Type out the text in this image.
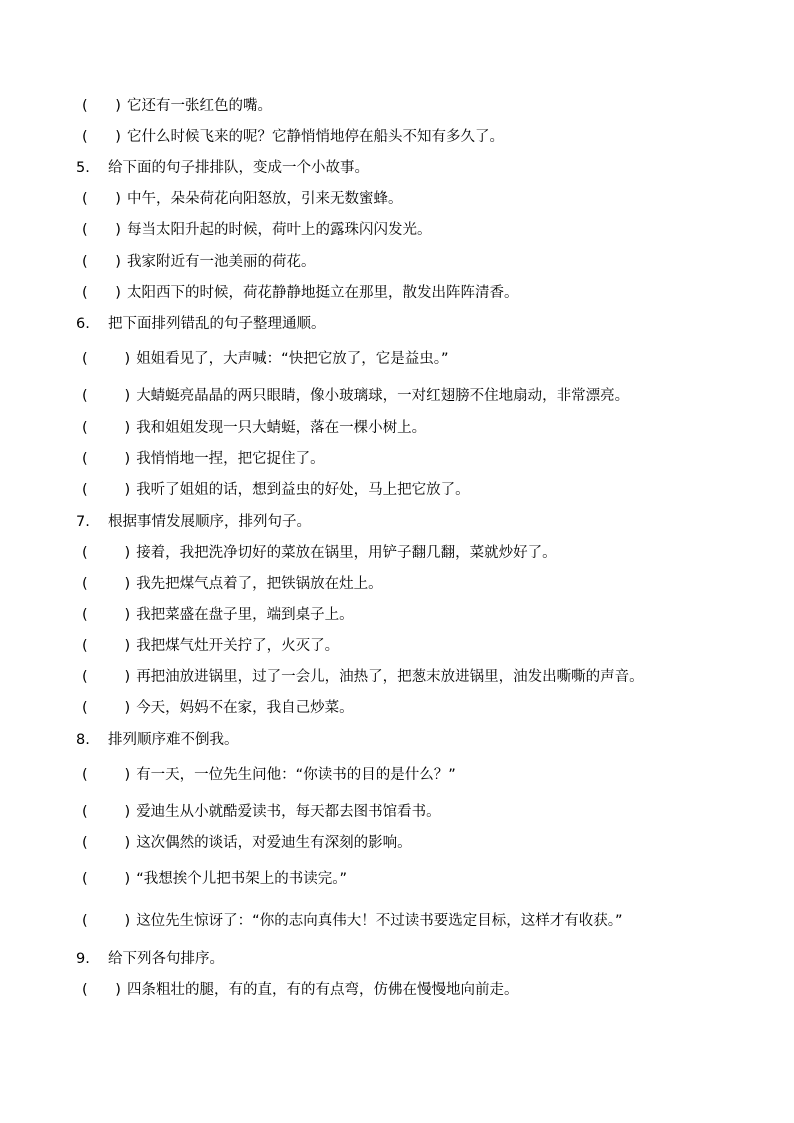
(      ) 它还有一张红色的嘴。
(      ) 它什么时候飞来的呢？它静悄悄地停在船头不知有多久了。
5. 给下面的句子排排队，变成一个小故事。
(      ) 中午，朵朵荷花向阳怒放，引来无数蜜蜂。
(      ) 每当太阳升起的时候，荷叶上的露珠闪闪发光。
(      ) 我家附近有一池美丽的荷花。
(      ) 太阳西下的时候，荷花静静地挺立在那里，散发出阵阵清香。
6. 把下面排列错乱的句子整理通顺。
(        ) 姐姐看见了，大声喊：“快把它放了，它是益虫。”
(        ) 大蜻蜓亮晶晶的两只眼睛，像小玻璃球，一对红翅膀不住地扇动，非常漂亮。
(        ) 我和姐姐发现一只大蜻蜓，落在一棵小树上。
(        ) 我悄悄地一捏，把它捉住了。
(        ) 我听了姐姐的话，想到益虫的好处，马上把它放了。
7. 根据事情发展顺序，排列句子。
(        ) 接着，我把洗净切好的菜放在锅里，用铲子翻几翻，菜就炒好了。
(        ) 我先把煤气点着了，把铁锅放在灶上。
(        ) 我把菜盛在盘子里，端到桌子上。
(        ) 我把煤气灶开关拧了，火灭了。
(        ) 再把油放进锅里，过了一会儿，油热了，把葱末放进锅里，油发出嘶嘶的声音。
(        ) 今天，妈妈不在家，我自己炒菜。
8. 排列顺序难不倒我。
(        ) 有一天，一位先生问他：“你读书的目的是什么？”
(        ) 爱迪生从小就酷爱读书，每天都去图书馆看书。
(        ) 这次偶然的谈话，对爱迪生有深刻的影响。
(        ) “我想挨个儿把书架上的书读完。”
(        ) 这位先生惊讶了：“你的志向真伟大！不过读书要选定目标，这样才有收获。”
9. 给下列各句排序。
(      ) 四条粗壮的腿，有的直，有的有点弯，仿佛在慢慢地向前走。
